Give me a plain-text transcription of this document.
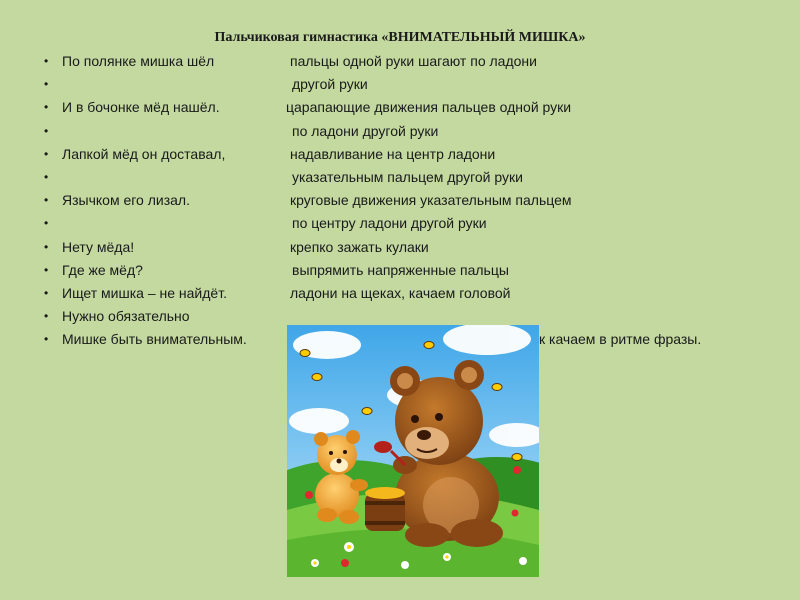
Пальчиковая гимнастика «ВНИМАТЕЛЬНЫЙ МИШКА»
• По полянке мишка шёл	пальцы одной руки шагают по ладони
•	другой руки
• И в бочонке мёд нашёл.	царапающие движения пальцев одной руки
•	по ладони другой руки
• Лапкой мёд он доставал,	надавливание на центр ладони
•	указательным пальцем другой руки
• Язычком его лизал.	круговые движения указательным пальцем
•	по центру ладони другой руки
• Нету мёда!	крепко зажать кулаки
• Где же мёд?	выпрямить напряженные пальцы
• Ищет мишка – не найдёт.	ладони на щеках, качаем головой
• Нужно обязательно
• Мишке быть внимательным.	к качаем в ритме фразы.
